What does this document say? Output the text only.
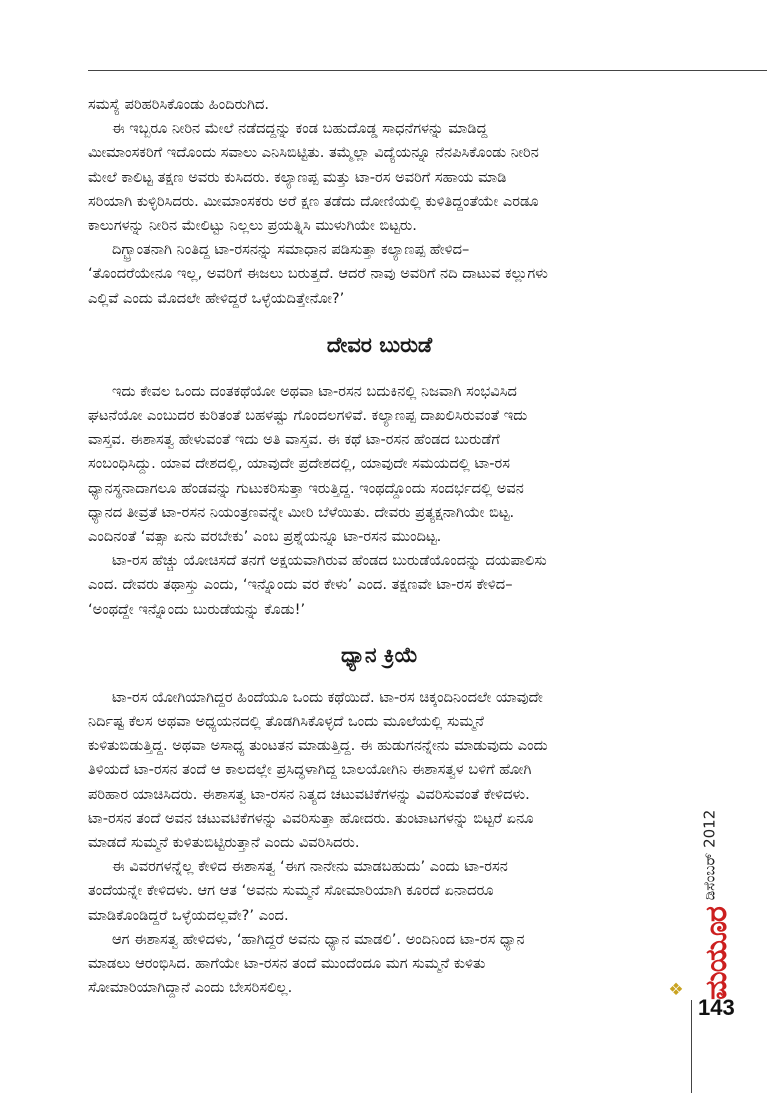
ಸಮಸ್ಯೆ ಪರಿಹರಿಸಿಕೊಂಡು ಹಿಂದಿರುಗಿದ.

ಈ ಇಬ್ಬರೂ ನೀರಿನ ಮೇಲೆ ನಡೆದದ್ದನ್ನು ಕಂಡ ಬಹುದೊಡ್ಡ ಸಾಧನೆಗಳನ್ನು ಮಾಡಿದ್ದ

ಮೀಮಾಂಸಕರಿಗೆ ಇದೊಂದು ಸವಾಲು ಎನಿಸಿಬಿಟ್ಟಿತು. ತಮ್ಮೆಲ್ಲಾ ವಿದ್ಯೆಯನ್ನೂ ನೆನಪಿಸಿಕೊಂಡು ನೀರಿನ

ಮೇಲೆ ಕಾಲಿಟ್ಟ ತಕ್ಷಣ ಅವರು ಕುಸಿದರು. ಕಲ್ಯಾಣಪ್ಪ ಮತ್ತು ಟಾ-ರಸ ಅವರಿಗೆ ಸಹಾಯ ಮಾಡಿ

ಸರಿಯಾಗಿ ಕುಳ್ಳಿರಿಸಿದರು. ಮೀಮಾಂಸಕರು ಅರೆ ಕ್ಷಣ ತಡೆದು ದೋಣಿಯಲ್ಲಿ ಕುಳಿತಿದ್ದಂತೆಯೇ ಎರಡೂ

ಕಾಲುಗಳನ್ನು ನೀರಿನ ಮೇಲಿಟ್ಟು ನಿಲ್ಲಲು ಪ್ರಯತ್ನಿಸಿ ಮುಳುಗಿಯೇ ಬಿಟ್ಟರು.

ದಿಗ್ಭ್ರಾಂತನಾಗಿ ನಿಂತಿದ್ದ ಟಾ-ರಸನನ್ನು ಸಮಾಧಾನ ಪಡಿಸುತ್ತಾ ಕಲ್ಯಾಣಪ್ಪ ಹೇಳಿದ–

‘ತೊಂದರೆಯೇನೂ ಇಲ್ಲ, ಅವರಿಗೆ ಈಜಲು ಬರುತ್ತದೆ. ಆದರೆ ನಾವು ಅವರಿಗೆ ನದಿ ದಾಟುವ ಕಲ್ಲುಗಳು

ಎಲ್ಲಿವೆ ಎಂದು ಮೊದಲೇ ಹೇಳಿದ್ದರೆ ಒಳ್ಳೆಯದಿತ್ತೇನೋ?’

ದೇವರ ಬುರುಡೆ

ಇದು ಕೇವಲ ಒಂದು ದಂತಕಥೆಯೋ ಅಥವಾ ಟಾ-ರಸನ ಬದುಕಿನಲ್ಲಿ ನಿಜವಾಗಿ ಸಂಭವಿಸಿದ

ಘಟನೆಯೋ ಎಂಬುದರ ಕುರಿತಂತೆ ಬಹಳಷ್ಟು ಗೊಂದಲಗಳಿವೆ. ಕಲ್ಯಾಣಪ್ಪ ದಾಖಲಿಸಿರುವಂತೆ ಇದು

ವಾಸ್ತವ. ಈಶಾಸತ್ವ ಹೇಳುವಂತೆ ಇದು ಅತಿ ವಾಸ್ತವ. ಈ ಕಥೆ ಟಾ-ರಸನ ಹೆಂಡದ ಬುರುಡೆಗೆ

ಸಂಬಂಧಿಸಿದ್ದು. ಯಾವ ದೇಶದಲ್ಲಿ, ಯಾವುದೇ ಪ್ರದೇಶದಲ್ಲಿ, ಯಾವುದೇ ಸಮಯದಲ್ಲಿ ಟಾ-ರಸ

ಧ್ಯಾನಸ್ಥನಾದಾಗಲೂ ಹೆಂಡವನ್ನು ಗುಟುಕರಿಸುತ್ತಾ ಇರುತ್ತಿದ್ದ. ಇಂಥದ್ದೊಂದು ಸಂದರ್ಭದಲ್ಲಿ ಅವನ

ಧ್ಯಾನದ ತೀವ್ರತೆ ಟಾ-ರಸನ ನಿಯಂತ್ರಣವನ್ನೇ ಮೀರಿ ಬೆಳೆಯಿತು. ದೇವರು ಪ್ರತ್ಯಕ್ಷನಾಗಿಯೇ ಬಿಟ್ಟ.

ಎಂದಿನಂತೆ ‘ವತ್ಸಾ ಏನು ವರಬೇಕು’ ಎಂಬ ಪ್ರಶ್ನೆಯನ್ನೂ ಟಾ-ರಸನ ಮುಂದಿಟ್ಟ.

ಟಾ-ರಸ ಹೆಚ್ಚು ಯೋಚಿಸದೆ ತನಗೆ ಅಕ್ಷಯವಾಗಿರುವ ಹೆಂಡದ ಬುರುಡೆಯೊಂದನ್ನು ದಯಪಾಲಿಸು

ಎಂದ. ದೇವರು ತಥಾಸ್ತು ಎಂದು, ‘ಇನ್ನೊಂದು ವರ ಕೇಳು’ ಎಂದ. ತಕ್ಷಣವೇ ಟಾ-ರಸ ಕೇಳಿದ–

‘ಅಂಥದ್ದೇ ಇನ್ನೊಂದು ಬುರುಡೆಯನ್ನು ಕೊಡು!’

ಧ್ಯಾನ ಕ್ರಿಯೆ

ಟಾ-ರಸ ಯೋಗಿಯಾಗಿದ್ದರ ಹಿಂದೆಯೂ ಒಂದು ಕಥೆಯಿದೆ. ಟಾ-ರಸ ಚಿಕ್ಕಂದಿನಿಂದಲೇ ಯಾವುದೇ

ನಿರ್ದಿಷ್ಟ ಕೆಲಸ ಅಥವಾ ಅಧ್ಯಯನದಲ್ಲಿ ತೊಡಗಿಸಿಕೊಳ್ಳದೆ ಒಂದು ಮೂಲೆಯಲ್ಲಿ ಸುಮ್ಮನೆ

ಕುಳಿತುಬಿಡುತ್ತಿದ್ದ. ಅಥವಾ ಅಸಾಧ್ಯ ತುಂಟತನ ಮಾಡುತ್ತಿದ್ದ. ಈ ಹುಡುಗನನ್ನೇನು ಮಾಡುವುದು ಎಂದು

ತಿಳಿಯದೆ ಟಾ-ರಸನ ತಂದೆ ಆ ಕಾಲದಲ್ಲೇ ಪ್ರಸಿದ್ಧಳಾಗಿದ್ದ ಬಾಲಯೋಗಿನಿ ಈಶಾಸತ್ವಳ ಬಳಿಗೆ ಹೋಗಿ

ಪರಿಹಾರ ಯಾಚಿಸಿದರು. ಈಶಾಸತ್ವ ಟಾ-ರಸನ ನಿತ್ಯದ ಚಟುವಟಿಕೆಗಳನ್ನು ವಿವರಿಸುವಂತೆ ಕೇಳಿದಳು.

ಟಾ-ರಸನ ತಂದೆ ಅವನ ಚಟುವಟಿಕೆಗಳನ್ನು ವಿವರಿಸುತ್ತಾ ಹೋದರು. ತುಂಟಾಟಗಳನ್ನು ಬಿಟ್ಟರೆ ಏನೂ

ಮಾಡದೆ ಸುಮ್ಮನೆ ಕುಳಿತುಬಿಟ್ಟಿರುತ್ತಾನೆ ಎಂದು ವಿವರಿಸಿದರು.

ಈ ವಿವರಗಳನ್ನೆಲ್ಲ ಕೇಳಿದ ಈಶಾಸತ್ವ ‘ಈಗ ನಾನೇನು ಮಾಡಬಹುದು’ ಎಂದು ಟಾ-ರಸನ

ತಂದೆಯನ್ನೇ ಕೇಳಿದಳು. ಆಗ ಆತ ‘ಅವನು ಸುಮ್ಮನೆ ಸೋಮಾರಿಯಾಗಿ ಕೂರದೆ ಏನಾದರೂ

ಮಾಡಿಕೊಂಡಿದ್ದರೆ ಒಳ್ಳೆಯದಲ್ಲವೇ?’ ಎಂದ.

ಆಗ ಈಶಾಸತ್ವ ಹೇಳಿದಳು, ‘ಹಾಗಿದ್ದರೆ ಅವನು ಧ್ಯಾನ ಮಾಡಲಿ’. ಅಂದಿನಿಂದ ಟಾ-ರಸ ಧ್ಯಾನ

ಮಾಡಲು ಆರಂಭಿಸಿದ. ಹಾಗೆಯೇ ಟಾ-ರಸನ ತಂದೆ ಮುಂದೆಂದೂ ಮಗ ಸುಮ್ಮನೆ ಕುಳಿತು

ಸೋಮಾರಿಯಾಗಿದ್ದಾನೆ ಎಂದು ಬೇಸರಿಸಲಿಲ್ಲ.

ಡಿಸೆಂಬರ್ 2012
ಮಯೂರ
❖
143
